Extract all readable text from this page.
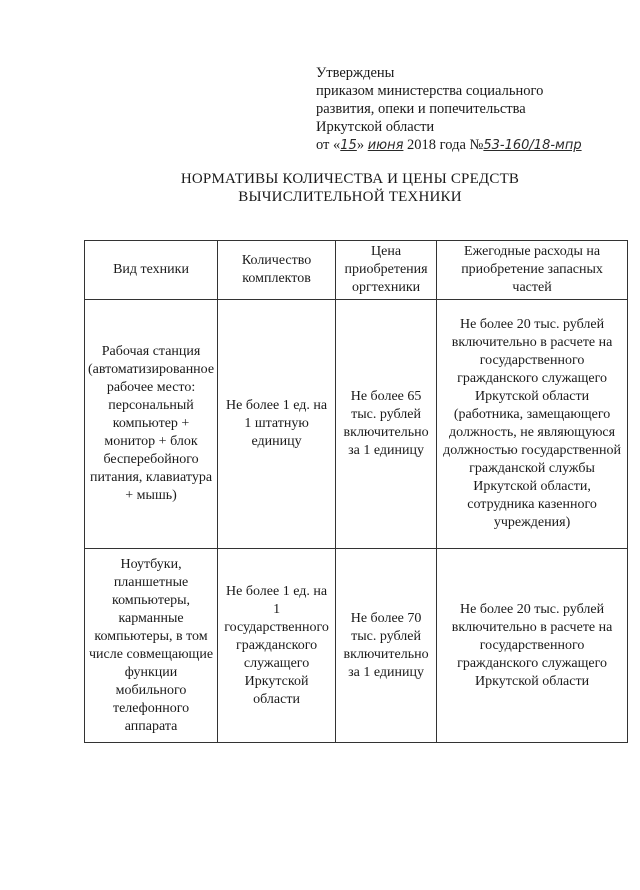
Утверждены
приказом министерства социального
развития, опеки и попечительства
Иркутской области
от «15» июня 2018 года №53-160/18-мпр
НОРМАТИВЫ КОЛИЧЕСТВА И ЦЕНЫ СРЕДСТВ
ВЫЧИСЛИТЕЛЬНОЙ ТЕХНИКИ
Вид техники	Количество комплектов	Цена приобретения оргтехники	Ежегодные расходы на приобретение запасных частей
Рабочая станция (автоматизированное рабочее место: персональный компьютер + монитор + блок бесперебойного питания, клавиатура + мышь)	Не более 1 ед. на 1 штатную единицу	Не более 65 тыс. рублей включительно за 1 единицу	Не более 20 тыс. рублей включительно в расчете на государственного гражданского служащего Иркутской области (работника, замещающего должность, не являющуюся должностью государственной гражданской службы Иркутской области, сотрудника казенного учреждения)
Ноутбуки, планшетные компьютеры, карманные компьютеры, в том числе совмещающие функции мобильного телефонного аппарата	Не более 1 ед. на 1 государственного гражданского служащего Иркутской области	Не более 70 тыс. рублей включительно за 1 единицу	Не более 20 тыс. рублей включительно в расчете на государственного гражданского служащего Иркутской области
